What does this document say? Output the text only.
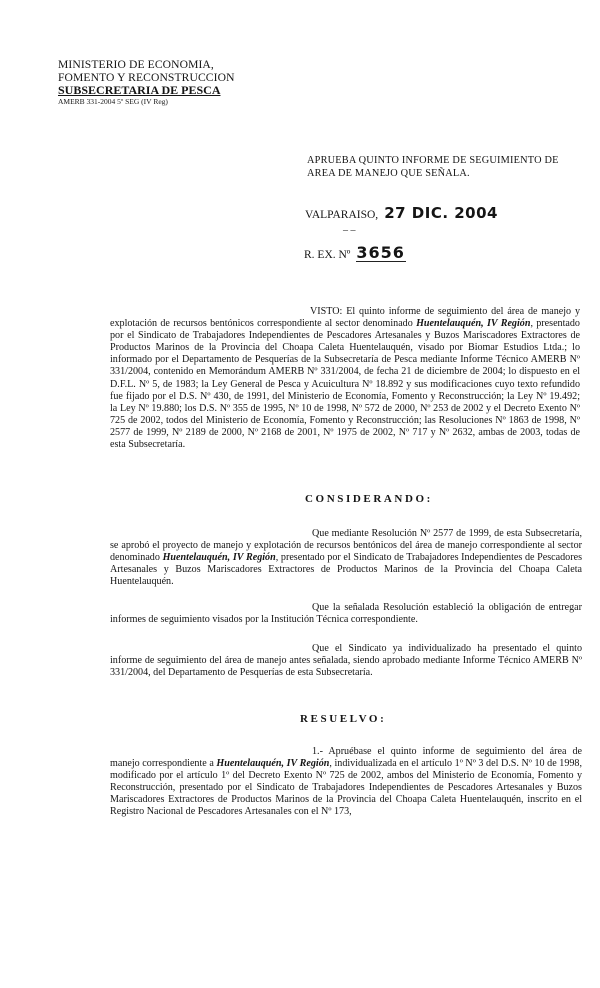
MINISTERIO DE ECONOMIA,
FOMENTO Y RECONSTRUCCION
SUBSECRETARIA DE PESCA
AMERB 331-2004 5º SEG (IV Reg)
APRUEBA QUINTO INFORME DE SEGUIMIENTO DE AREA DE MANEJO QUE SEÑALA.
VALPARAISO, 27 DIC. 2004
– –
R. EX. Nº 3656
VISTO: El quinto informe de seguimiento del área de manejo y explotación de recursos bentónicos correspondiente al sector denominado Huentelauquén, IV Región, presentado por el Sindicato de Trabajadores Independientes de Pescadores Artesanales y Buzos Mariscadores Extractores de Productos Marinos de la Provincia del Choapa Caleta Huentelauquén, visado por Biomar Estudios Ltda.; lo informado por el Departamento de Pesquerías de la Subsecretaría de Pesca mediante Informe Técnico AMERB Nº 331/2004, contenido en Memorándum AMERB Nº 331/2004, de fecha 21 de diciembre de 2004; lo dispuesto en el D.F.L. Nº 5, de 1983; la Ley General de Pesca y Acuicultura Nº 18.892 y sus modificaciones cuyo texto refundido fue fijado por el D.S. Nº 430, de 1991, del Ministerio de Economía, Fomento y Reconstrucción; la Ley Nº 19.492; la Ley Nº 19.880; los D.S. Nº 355 de 1995, Nº 10 de 1998, Nº 572 de 2000, Nº 253 de 2002 y el Decreto Exento Nº 725 de 2002, todos del Ministerio de Economía, Fomento y Reconstrucción; las Resoluciones Nº 1863 de 1998, Nº 2577 de 1999, Nº 2189 de 2000, Nº 2168 de 2001, Nº 1975 de 2002, Nº 717 y Nº 2632, ambas de 2003, todas de esta Subsecretaría.
CONSIDERANDO:
Que mediante Resolución Nº 2577 de 1999, de esta Subsecretaría, se aprobó el proyecto de manejo y explotación de recursos bentónicos del área de manejo correspondiente al sector denominado Huentelauquén, IV Región, presentado por el Sindicato de Trabajadores Independientes de Pescadores Artesanales y Buzos Mariscadores Extractores de Productos Marinos de la Provincia del Choapa Caleta Huentelauquén.
Que la señalada Resolución estableció la obligación de entregar informes de seguimiento visados por la Institución Técnica correspondiente.
Que el Sindicato ya individualizado ha presentado el quinto informe de seguimiento del área de manejo antes señalada, siendo aprobado mediante Informe Técnico AMERB Nº 331/2004, del Departamento de Pesquerías de esta Subsecretaría.
RESUELVO:
1.- Apruébase el quinto informe de seguimiento del área de manejo correspondiente a Huentelauquén, IV Región, individualizada en el artículo 1º Nº 3 del D.S. Nº 10 de 1998, modificado por el artículo 1º del Decreto Exento Nº 725 de 2002, ambos del Ministerio de Economía, Fomento y Reconstrucción, presentado por el Sindicato de Trabajadores Independientes de Pescadores Artesanales y Buzos Mariscadores Extractores de Productos Marinos de la Provincia del Choapa Caleta Huentelauquén, inscrito en el Registro Nacional de Pescadores Artesanales con el Nº 173,
